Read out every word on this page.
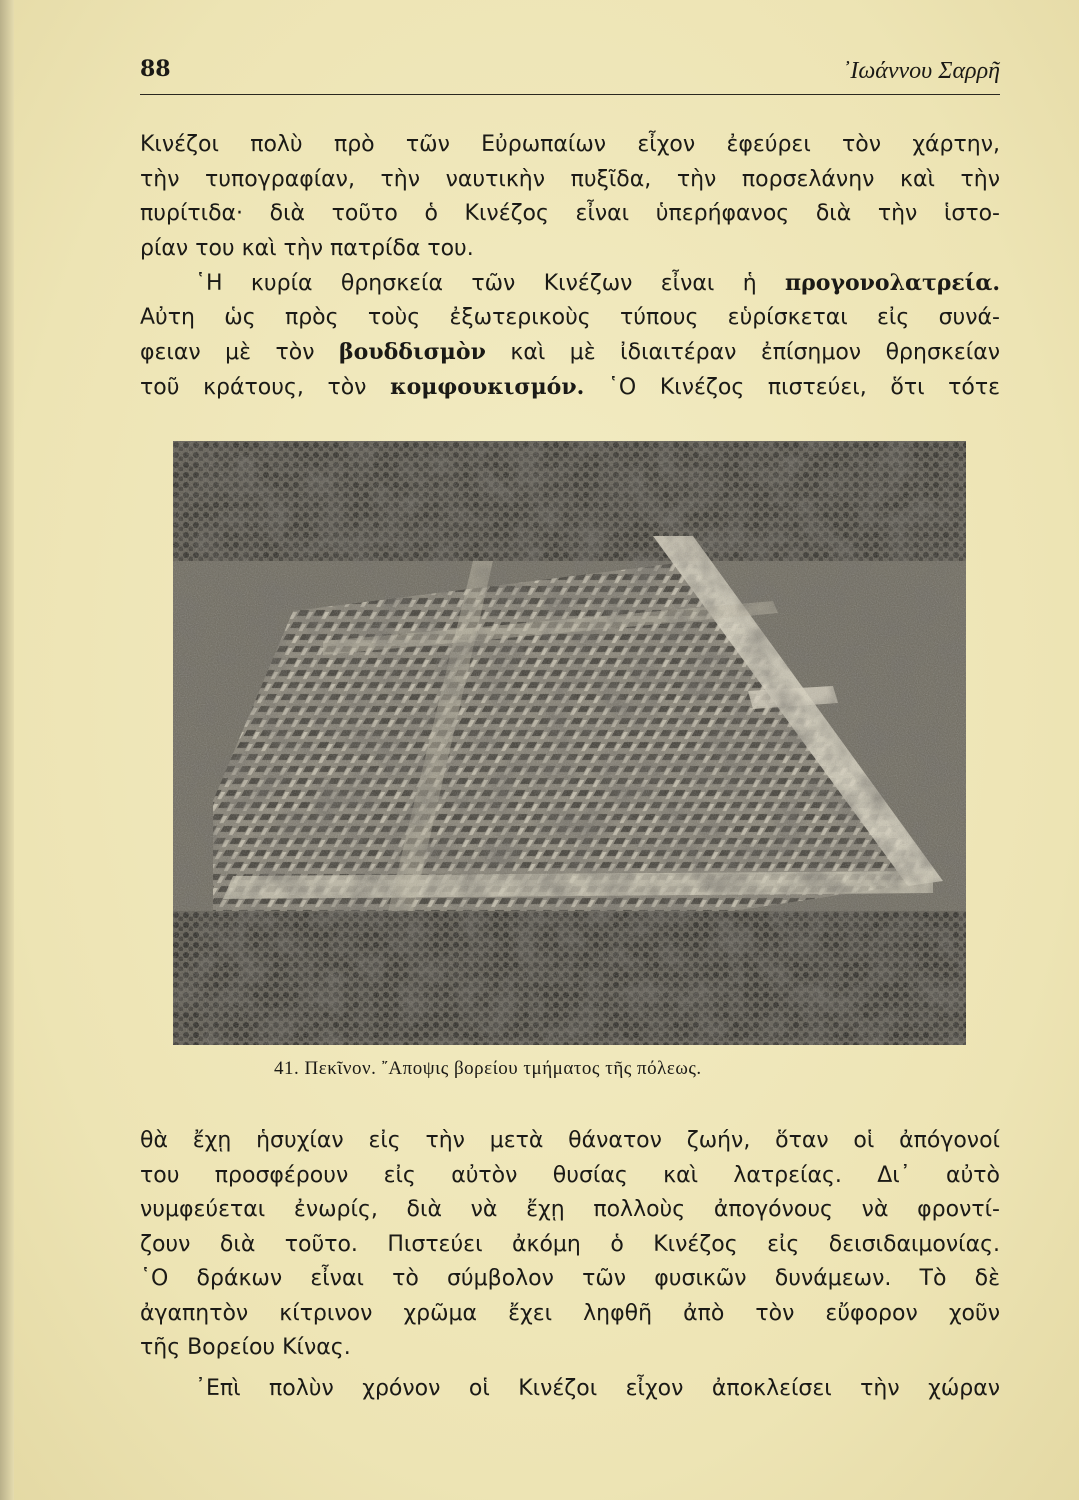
88	᾿Ιωάννου Σαρρῆ
Κινέζοι πολὺ πρὸ τῶν Εὐρωπαίων εἶχον ἐφεύρει τὸν χάρτην,
τὴν τυπογραφίαν, τὴν ναυτικὴν πυξῖδα, τὴν πορσελάνην καὶ τὴν
πυρίτιδα· διὰ τοῦτο ὁ Κινέζος εἶναι ὑπερήφανος διὰ τὴν ἱστο-
ρίαν του καὶ τὴν πατρίδα του.
῾Η κυρία θρησκεία τῶν Κινέζων εἶναι ἡ προγονολατρεία.
Αὐτη ὡς πρὸς τοὺς ἐξωτερικοὺς τύπους εὑρίσκεται εἰς συνά-
φειαν μὲ τὸν βουδδισμὸν καὶ μὲ ἰδιαιτέραν ἐπίσημον θρησκείαν
τοῦ κράτους, τὸν κομφουκισμόν. ῾Ο Κινέζος πιστεύει, ὅτι τότε
41. Πεκῖνον. ῎Αποψις βορείου τμήματος τῆς πόλεως.
θὰ ἔχῃ ἡσυχίαν εἰς τὴν μετὰ θάνατον ζωήν, ὅταν οἱ ἀπόγονοί
του προσφέρουν εἰς αὐτὸν θυσίας καὶ λατρείας. Δι᾿ αὐτὸ
νυμφεύεται ἐνωρίς, διὰ νὰ ἔχῃ πολλοὺς ἀπογόνους νὰ φροντί-
ζουν διὰ τοῦτο. Πιστεύει ἀκόμη ὁ Κινέζος εἰς δεισιδαιμονίας.
῾Ο δράκων εἶναι τὸ σύμβολον τῶν φυσικῶν δυνάμεων. Τὸ δὲ
ἀγαπητὸν κίτρινον χρῶμα ἔχει ληφθῆ ἀπὸ τὸν εὔφορον χοῦν
τῆς Βορείου Κίνας.
᾿Επὶ πολὺν χρόνον οἱ Κινέζοι εἶχον ἀποκλείσει τὴν χώραν
